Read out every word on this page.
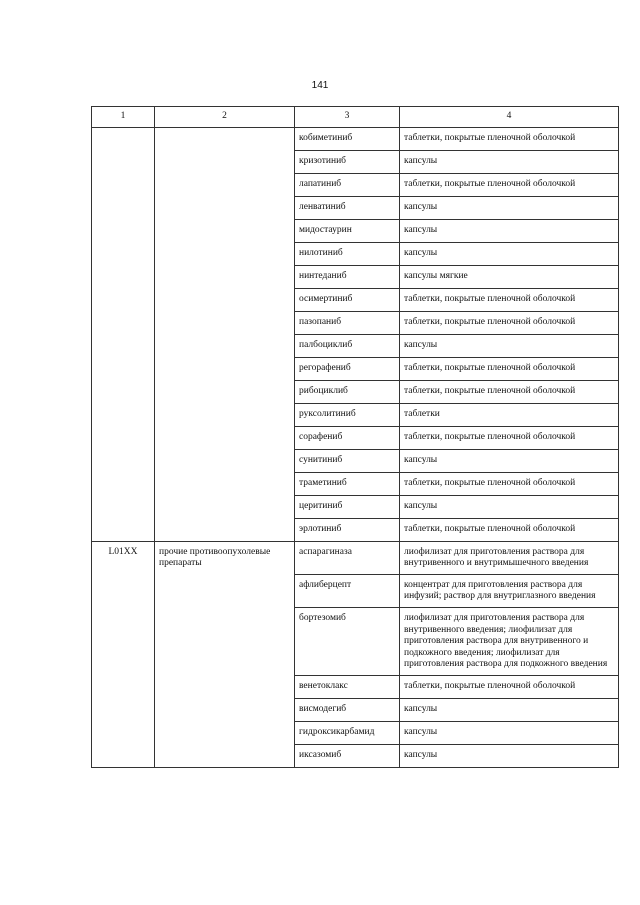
141
1	2	3	4
		кобиметиниб	таблетки, покрытые пленочной оболочкой
		кризотиниб	капсулы
		лапатиниб	таблетки, покрытые пленочной оболочкой
		ленватиниб	капсулы
		мидостаурин	капсулы
		нилотиниб	капсулы
		нинтеданиб	капсулы мягкие
		осимертиниб	таблетки, покрытые пленочной оболочкой
		пазопаниб	таблетки, покрытые пленочной оболочкой
		палбоциклиб	капсулы
		регорафениб	таблетки, покрытые пленочной оболочкой
		рибоциклиб	таблетки, покрытые пленочной оболочкой
		руксолитиниб	таблетки
		сорафениб	таблетки, покрытые пленочной оболочкой
		сунитиниб	капсулы
		траметиниб	таблетки, покрытые пленочной оболочкой
		церитиниб	капсулы
		эрлотиниб	таблетки, покрытые пленочной оболочкой
L01XX	прочие противоопухолевые препараты	аспарагиназа	лиофилизат для приготовления раствора для внутривенного и внутримышечного введения
		афлиберцепт	концентрат для приготовления раствора для инфузий; раствор для внутриглазного введения
		бортезомиб	лиофилизат для приготовления раствора для внутривенного введения; лиофилизат для приготовления раствора для внутривенного и подкожного введения; лиофилизат для приготовления раствора для подкожного введения
		венетоклакс	таблетки, покрытые пленочной оболочкой
		висмодегиб	капсулы
		гидроксикарбамид	капсулы
		иксазомиб	капсулы
